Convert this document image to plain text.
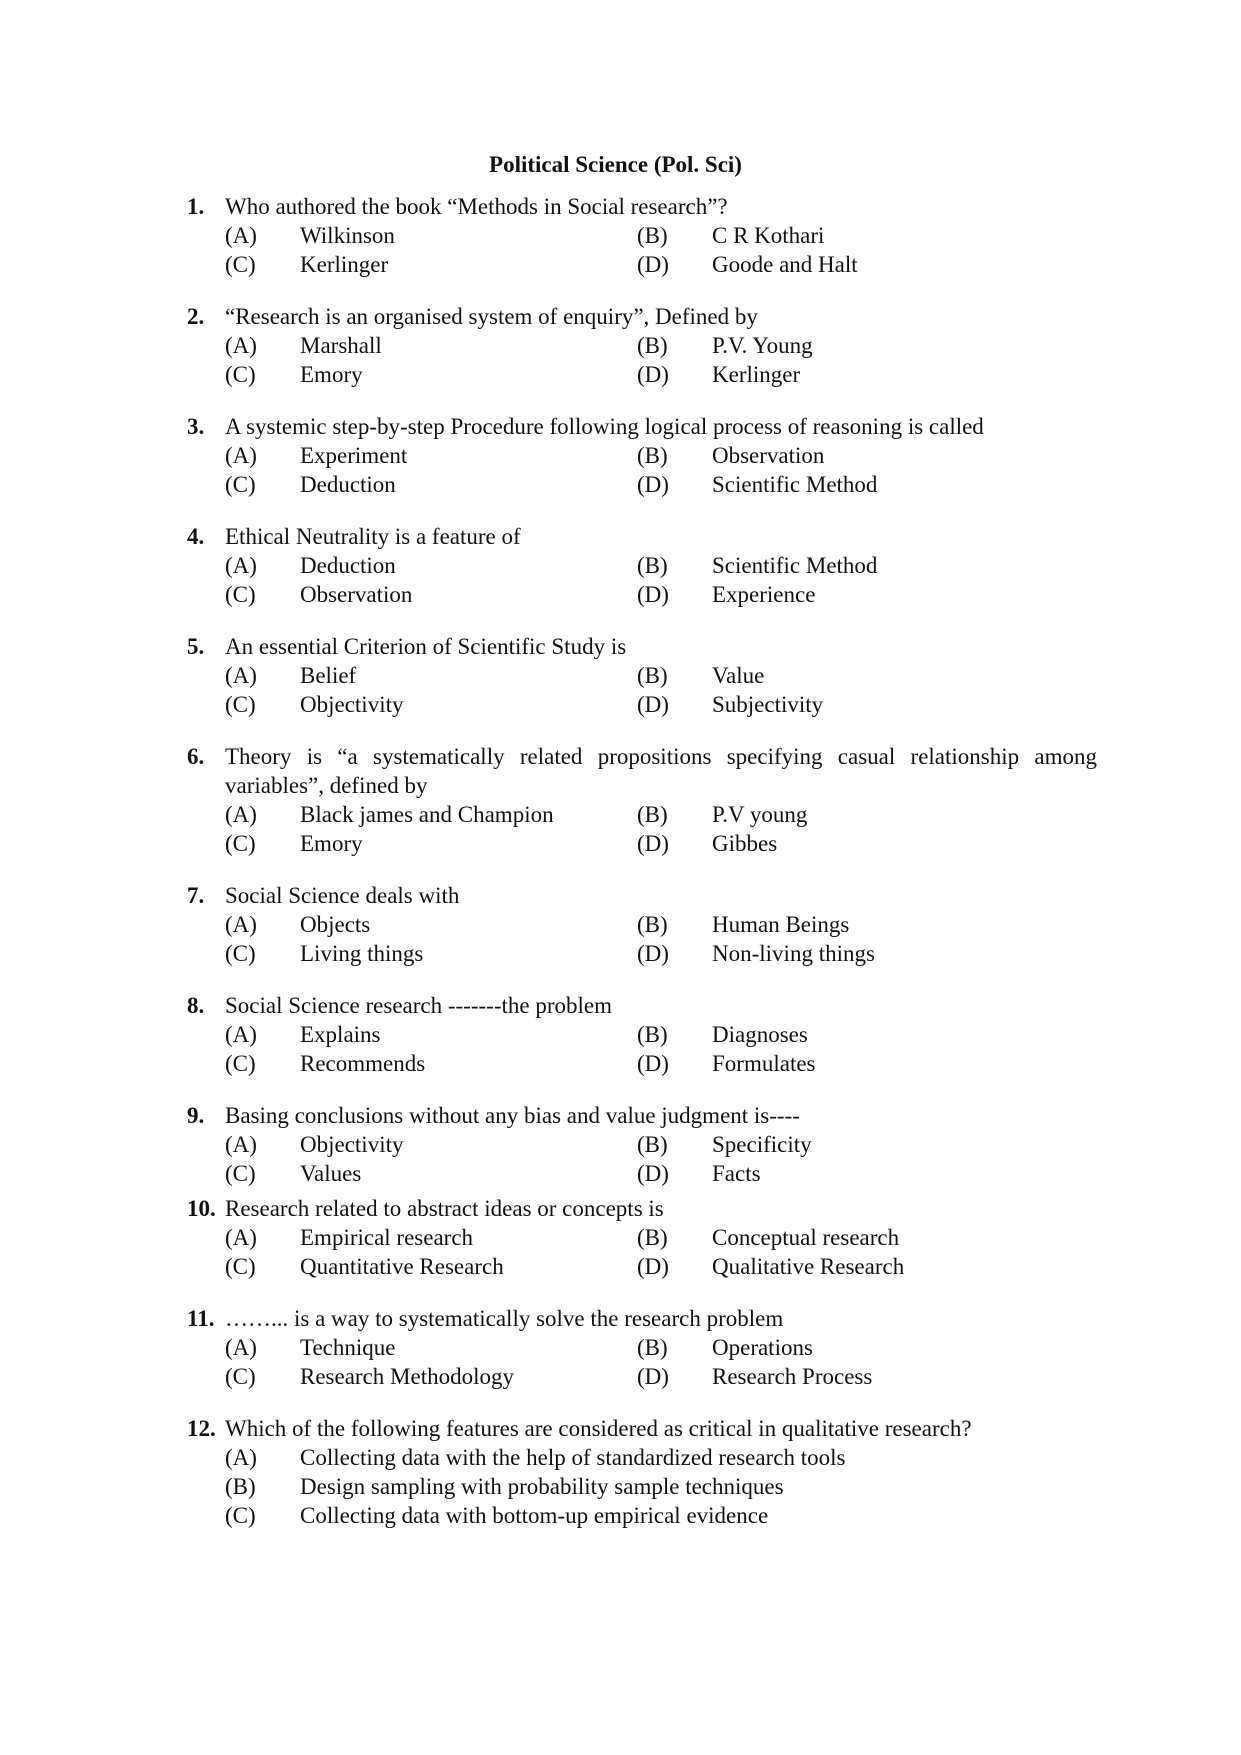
Political Science (Pol. Sci)
1. Who authored the book “Methods in Social research”?
(A) Wilkinson	(B)	C R Kothari
(C)	Kerlinger	(D) Goode and Halt
2. “Research is an organised system of enquiry”, Defined by
(A) Marshall	(B)	P.V. Young
(C)	Emory	(D) Kerlinger
3. A systemic step-by-step Procedure following logical process of reasoning is called
(A) Experiment	(B)	Observation
(C)	Deduction	(D) Scientific Method
4. Ethical Neutrality is a feature of
(A) Deduction	(B)	Scientific Method
(C)	Observation	(D) Experience
5. An essential Criterion of Scientific Study is
(A) Belief	(B)	Value
(C)	Objectivity	(D) Subjectivity
6. Theory is “a systematically related propositions specifying casual relationship among variables”, defined by
(A) Black james and Champion	(B)	P.V young
(C)	Emory	(D) Gibbes
7. Social Science deals with
(A) Objects	(B)	Human Beings
(C)	Living things	(D) Non-living things
8. Social Science research -------the problem
(A) Explains	(B)	Diagnoses
(C)	Recommends	(D) Formulates
9. Basing conclusions without any bias and value judgment is----
(A) Objectivity	(B)	Specificity
(C)	Values	(D) Facts
10. Research related to abstract ideas or concepts is
(A) Empirical research	(B)	Conceptual research
(C)	Quantitative Research	(D) Qualitative Research
11. ……... is a way to systematically solve the research problem
(A) Technique	(B)	Operations
(C)	Research Methodology	(D) Research Process
12. Which of the following features are considered as critical in qualitative research?
(A) Collecting data with the help of standardized research tools
(B)	Design sampling with probability sample techniques
(C)	Collecting data with bottom-up empirical evidence
